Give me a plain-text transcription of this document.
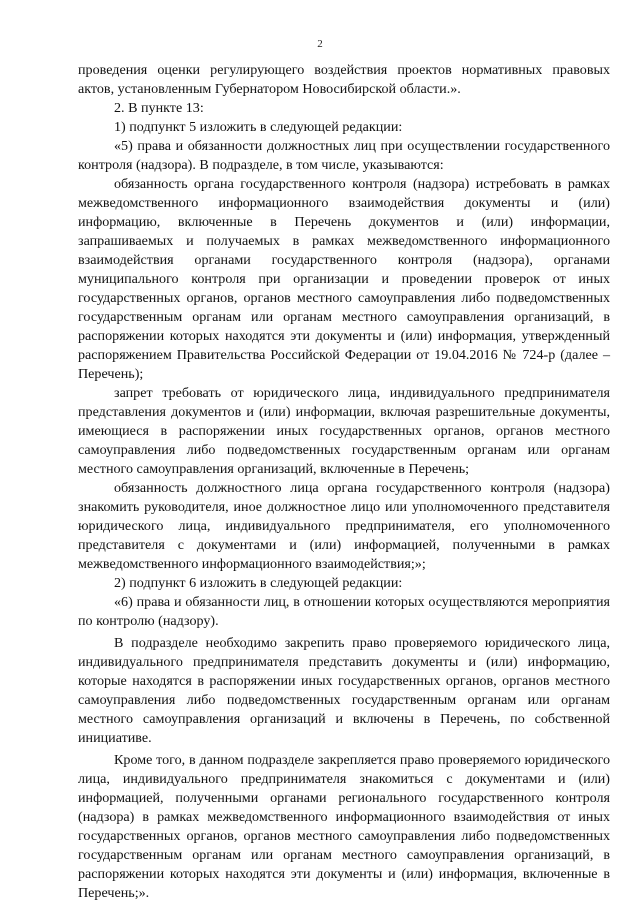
2

проведения оценки регулирующего воздействия проектов нормативных правовых актов, установленным Губернатором Новосибирской области.».

2. В пункте 13:

1) подпункт 5 изложить в следующей редакции:

«5) права и обязанности должностных лиц при осуществлении государственного контроля (надзора). В подразделе, в том числе, указываются:

обязанность органа государственного контроля (надзора) истребовать в рамках межведомственного информационного взаимодействия документы и (или) информацию, включенные в Перечень документов и (или) информации, запрашиваемых и получаемых в рамках межведомственного информационного взаимодействия органами государственного контроля (надзора), органами муниципального контроля при организации и проведении проверок от иных государственных органов, органов местного самоуправления либо подведомственных государственным органам или органам местного самоуправления организаций, в распоряжении которых находятся эти документы и (или) информация, утвержденный распоряжением Правительства Российской Федерации от 19.04.2016 № 724-р (далее – Перечень);

запрет требовать от юридического лица, индивидуального предпринимателя представления документов и (или) информации, включая разрешительные документы, имеющиеся в распоряжении иных государственных органов, органов местного самоуправления либо подведомственных государственным органам или органам местного самоуправления организаций, включенные в Перечень;

обязанность должностного лица органа государственного контроля (надзора) знакомить руководителя, иное должностное лицо или уполномоченного представителя юридического лица, индивидуального предпринимателя, его уполномоченного представителя с документами и (или) информацией, полученными в рамках межведомственного информационного взаимодействия;»;

2) подпункт 6 изложить в следующей редакции:

«6) права и обязанности лиц, в отношении которых осуществляются мероприятия по контролю (надзору).

В подразделе необходимо закрепить право проверяемого юридического лица, индивидуального предпринимателя представить документы и (или) информацию, которые находятся в распоряжении иных государственных органов, органов местного самоуправления либо подведомственных государственным органам или органам местного самоуправления организаций и включены в Перечень, по собственной инициативе.

Кроме того, в данном подразделе закрепляется право проверяемого юридического лица, индивидуального предпринимателя знакомиться с документами и (или) информацией, полученными органами регионального государственного контроля (надзора) в рамках межведомственного информационного взаимодействия от иных государственных органов, органов местного самоуправления либо подведомственных государственным органам или органам местного самоуправления организаций, в распоряжении которых находятся эти документы и (или) информация, включенные в Перечень;».
